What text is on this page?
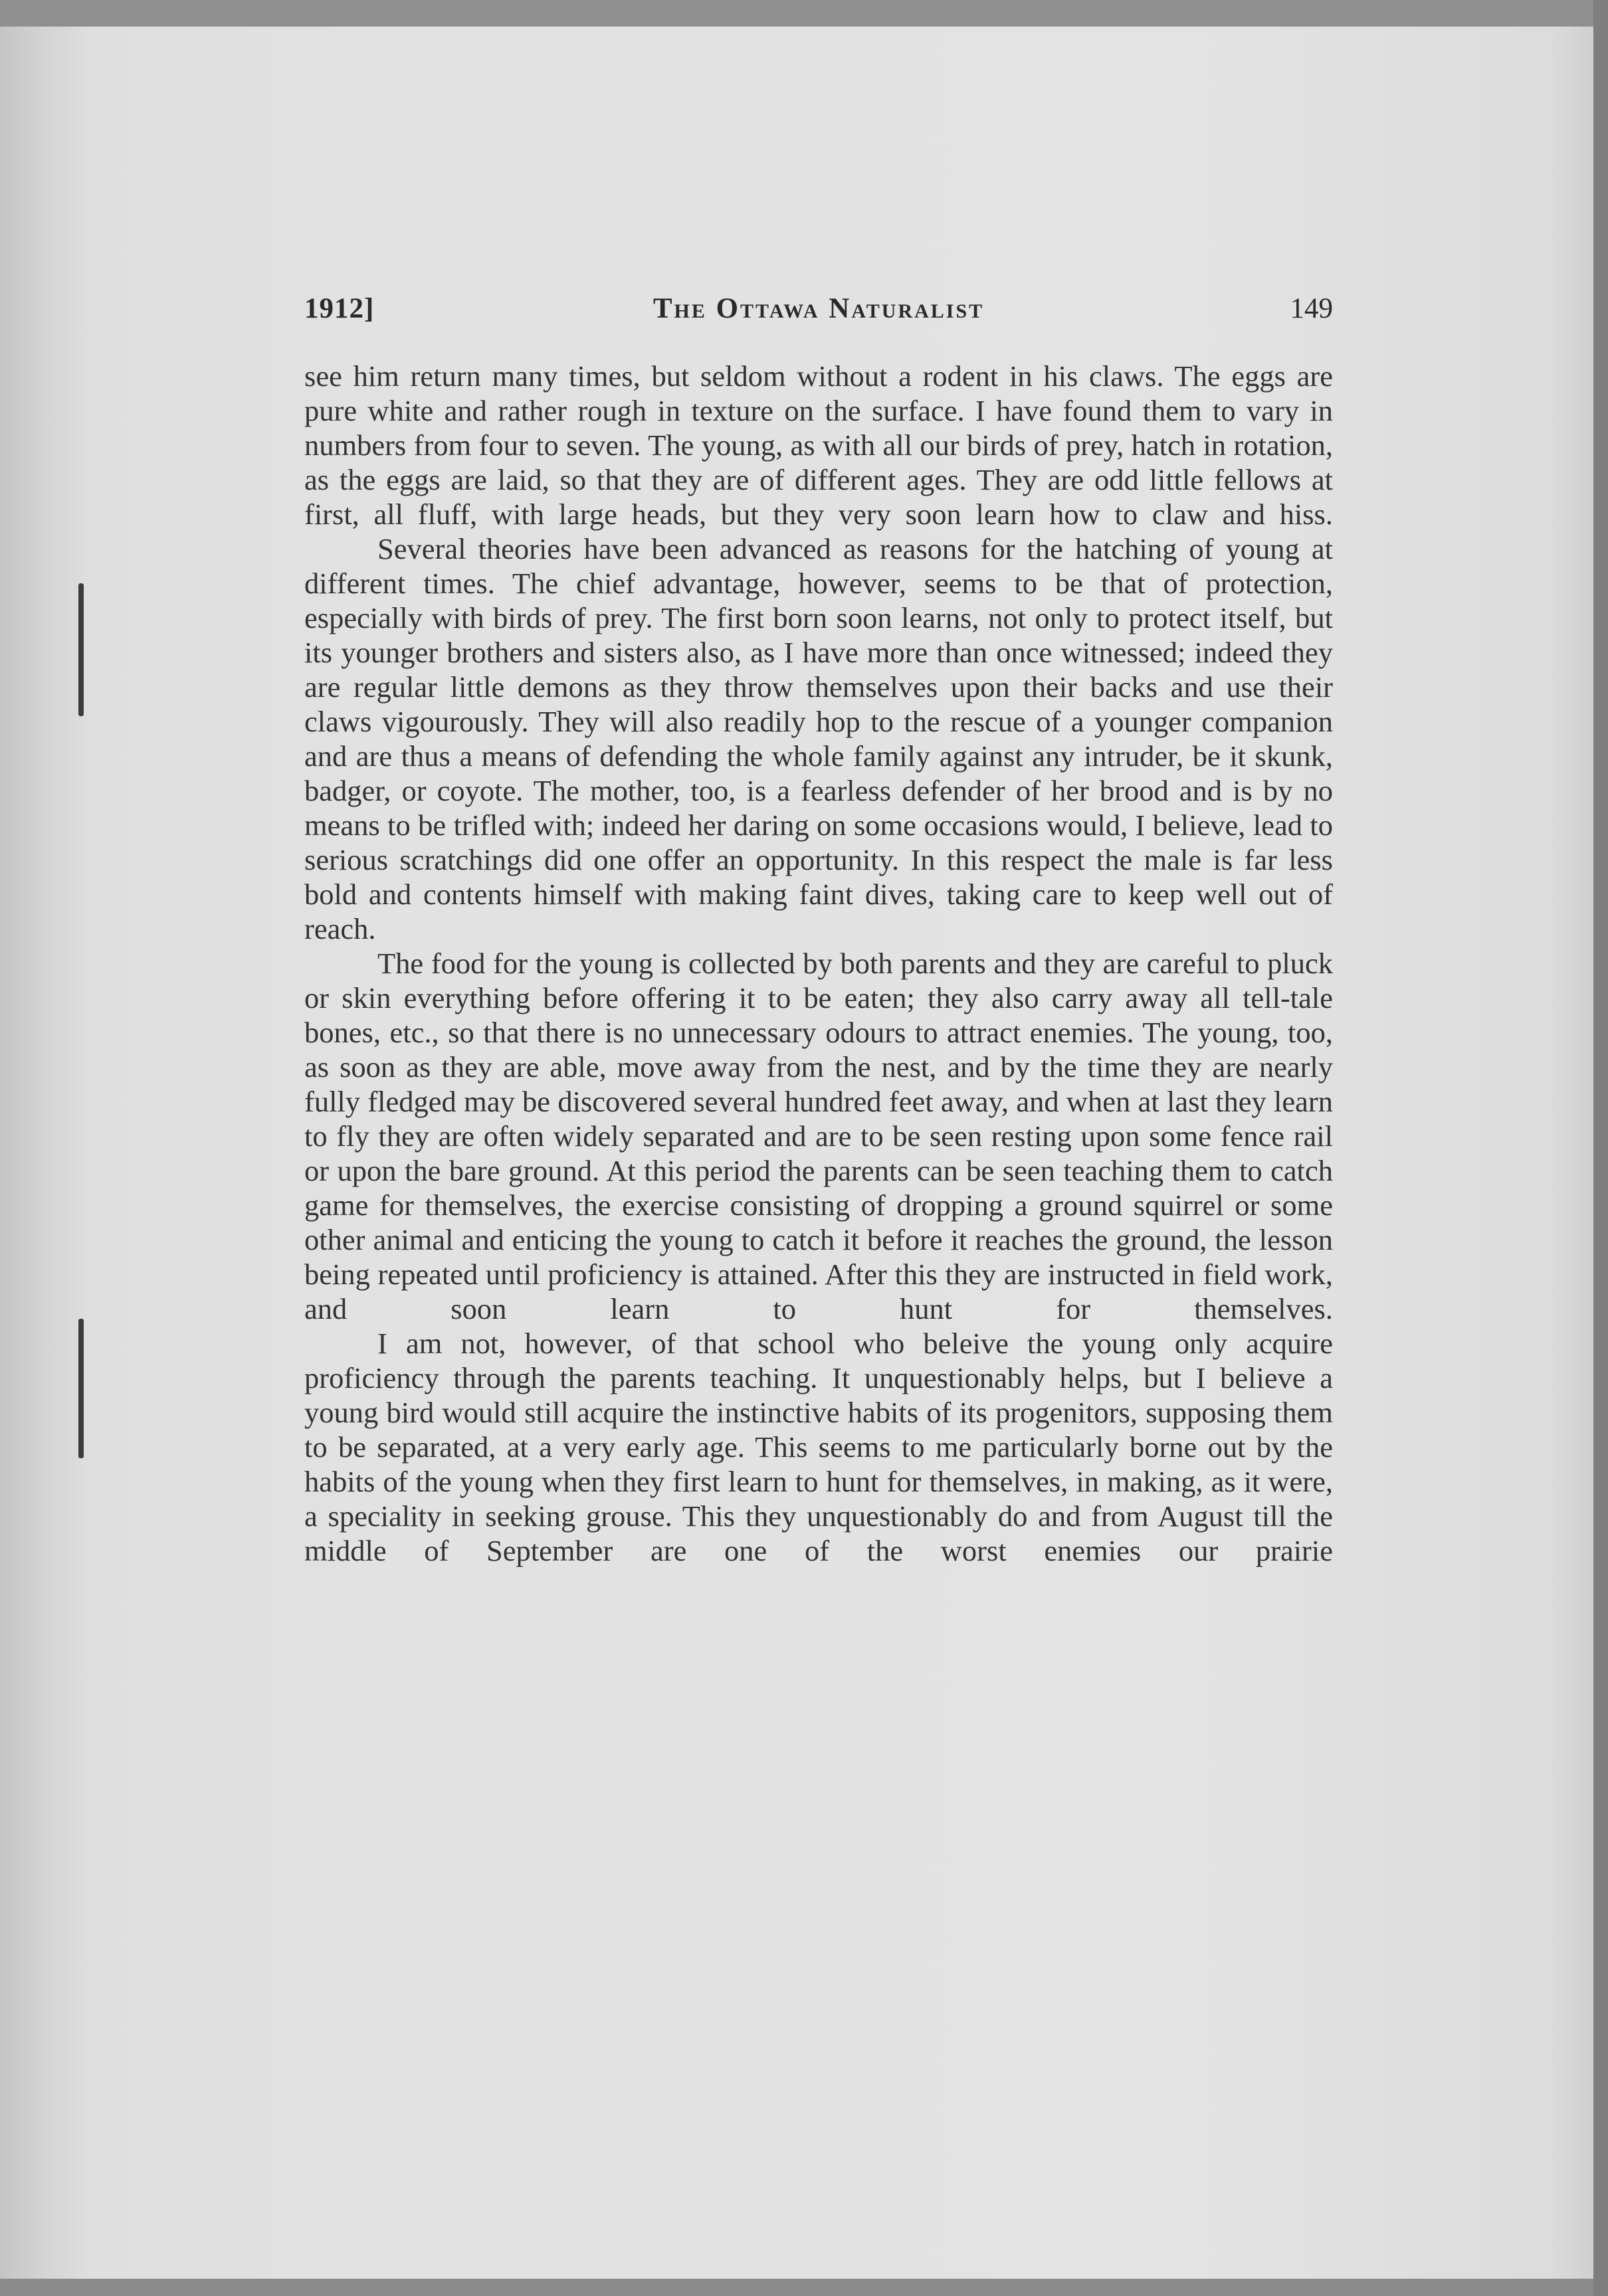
1912]	The Ottawa Naturalist	149

see him return many times, but seldom without a rodent in his claws. The eggs are pure white and rather rough in texture on the surface. I have found them to vary in numbers from four to seven. The young, as with all our birds of prey, hatch in rotation, as the eggs are laid, so that they are of different ages. They are odd little fellows at first, all fluff, with large heads, but they very soon learn how to claw and hiss.

Several theories have been advanced as reasons for the hatching of young at different times. The chief advantage, however, seems to be that of protection, especially with birds of prey. The first born soon learns, not only to protect itself, but its younger brothers and sisters also, as I have more than once witnessed; indeed they are regular little demons as they throw themselves upon their backs and use their claws vigourously. They will also readily hop to the rescue of a younger companion and are thus a means of defending the whole family against any intruder, be it skunk, badger, or coyote. The mother, too, is a fearless defender of her brood and is by no means to be trifled with; indeed her daring on some occasions would, I believe, lead to serious scratchings did one offer an opportunity. In this respect the male is far less bold and contents himself with making faint dives, taking care to keep well out of reach.

The food for the young is collected by both parents and they are careful to pluck or skin everything before offering it to be eaten; they also carry away all tell-tale bones, etc., so that there is no unnecessary odours to attract enemies. The young, too, as soon as they are able, move away from the nest, and by the time they are nearly fully fledged may be discovered several hundred feet away, and when at last they learn to fly they are often widely separated and are to be seen resting upon some fence rail or upon the bare ground. At this period the parents can be seen teaching them to catch game for themselves, the exercise consisting of dropping a ground squirrel or some other animal and enticing the young to catch it before it reaches the ground, the lesson being repeated until proficiency is attained. After this they are instructed in field work, and soon learn to hunt for themselves.

I am not, however, of that school who beleive the young only acquire proficiency through the parents teaching. It unquestionably helps, but I believe a young bird would still acquire the instinctive habits of its progenitors, supposing them to be separated, at a very early age. This seems to me particularly borne out by the habits of the young when they first learn to hunt for themselves, in making, as it were, a speciality in seeking grouse. This they unquestionably do and from August till the middle of September are one of the worst enemies our prairie
